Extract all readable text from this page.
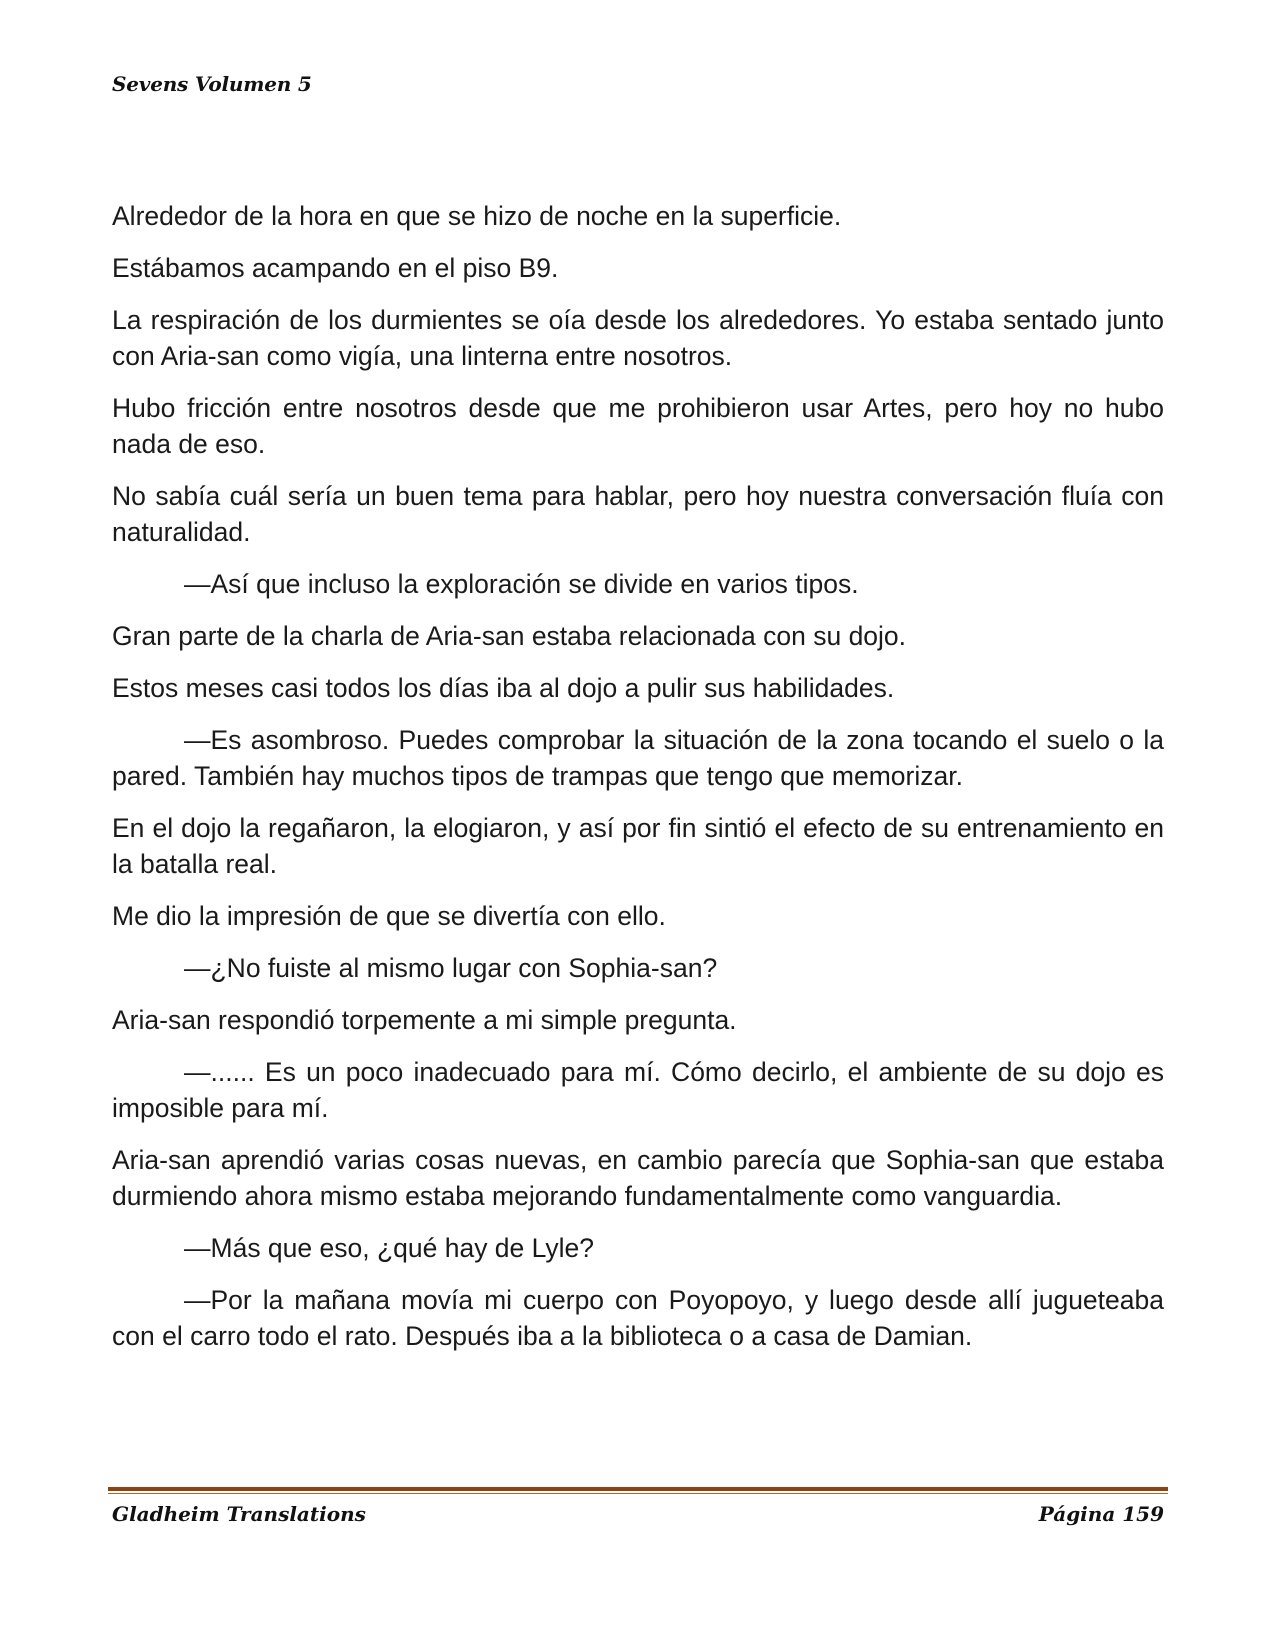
Sevens Volumen 5

Alrededor de la hora en que se hizo de noche en la superficie.

Estábamos acampando en el piso B9.

La respiración de los durmientes se oía desde los alrededores. Yo estaba sentado junto con Aria-san como vigía, una linterna entre nosotros.

Hubo fricción entre nosotros desde que me prohibieron usar Artes, pero hoy no hubo nada de eso.

No sabía cuál sería un buen tema para hablar, pero hoy nuestra conversación fluía con naturalidad.

—Así que incluso la exploración se divide en varios tipos.

Gran parte de la charla de Aria-san estaba relacionada con su dojo.

Estos meses casi todos los días iba al dojo a pulir sus habilidades.

—Es asombroso. Puedes comprobar la situación de la zona tocando el suelo o la pared. También hay muchos tipos de trampas que tengo que memorizar.

En el dojo la regañaron, la elogiaron, y así por fin sintió el efecto de su entrenamiento en la batalla real.

Me dio la impresión de que se divertía con ello.

—¿No fuiste al mismo lugar con Sophia-san?

Aria-san respondió torpemente a mi simple pregunta.

—...... Es un poco inadecuado para mí. Cómo decirlo, el ambiente de su dojo es imposible para mí.

Aria-san aprendió varias cosas nuevas, en cambio parecía que Sophia-san que estaba durmiendo ahora mismo estaba mejorando fundamentalmente como vanguardia.

—Más que eso, ¿qué hay de Lyle?

—Por la mañana movía mi cuerpo con Poyopoyo, y luego desde allí jugueteaba con el carro todo el rato. Después iba a la biblioteca o a casa de Damian.

Gladheim Translations	Página 159
